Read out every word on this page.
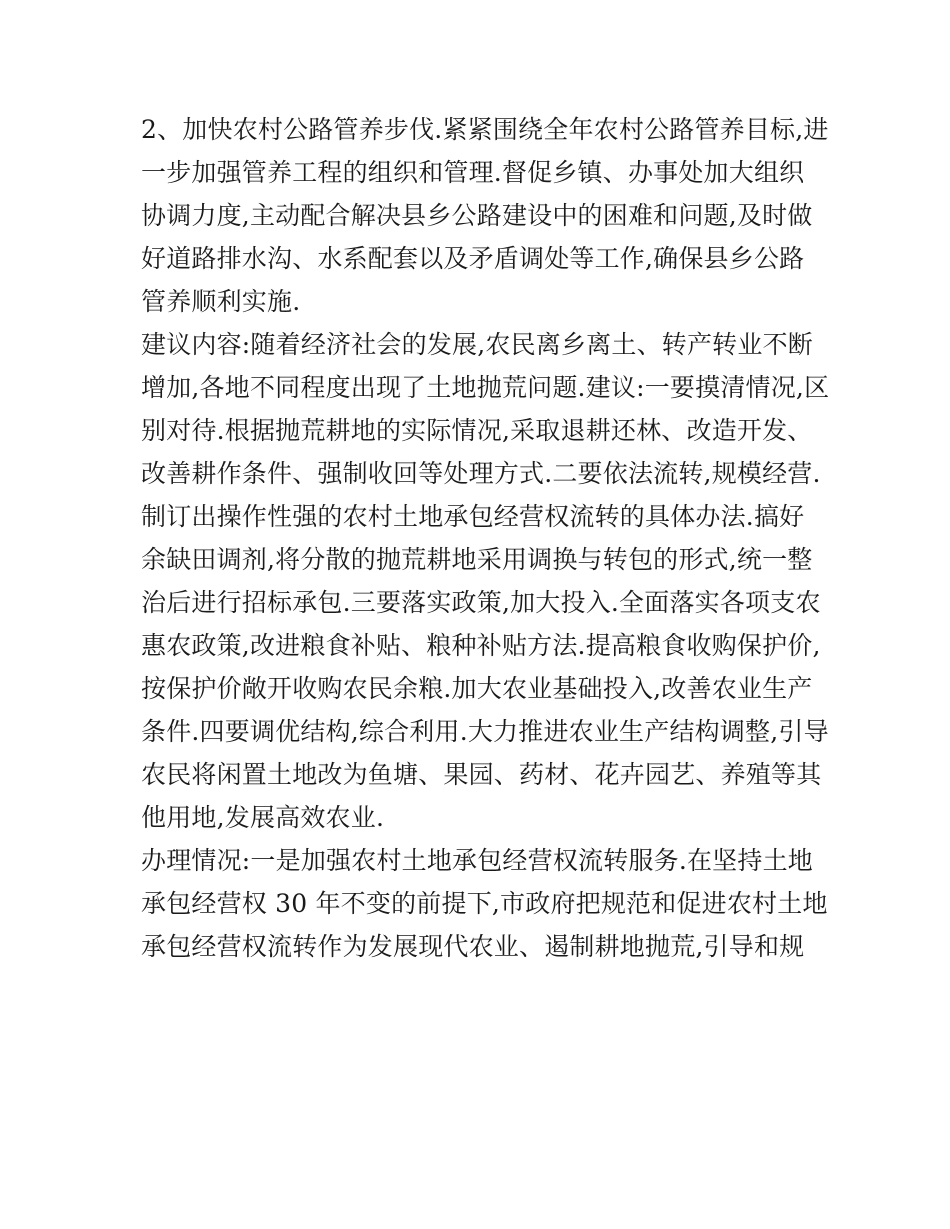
2、加快农村公路管养步伐.紧紧围绕全年农村公路管养目标,进
一步加强管养工程的组织和管理.督促乡镇、办事处加大组织
协调力度,主动配合解决县乡公路建设中的困难和问题,及时做
好道路排水沟、水系配套以及矛盾调处等工作,确保县乡公路
管养顺利实施.
建议内容:随着经济社会的发展,农民离乡离土、转产转业不断
增加,各地不同程度出现了土地抛荒问题.建议:一要摸清情况,区
别对待.根据抛荒耕地的实际情况,采取退耕还林、改造开发、
改善耕作条件、强制收回等处理方式.二要依法流转,规模经营.
制订出操作性强的农村土地承包经营权流转的具体办法.搞好
余缺田调剂,将分散的抛荒耕地采用调换与转包的形式,统一整
治后进行招标承包.三要落实政策,加大投入.全面落实各项支农
惠农政策,改进粮食补贴、粮种补贴方法.提高粮食收购保护价,
按保护价敞开收购农民余粮.加大农业基础投入,改善农业生产
条件.四要调优结构,综合利用.大力推进农业生产结构调整,引导
农民将闲置土地改为鱼塘、果园、药材、花卉园艺、养殖等其
他用地,发展高效农业.
办理情况:一是加强农村土地承包经营权流转服务.在坚持土地
承包经营权 30 年不变的前提下,市政府把规范和促进农村土地
承包经营权流转作为发展现代农业、遏制耕地抛荒,引导和规
